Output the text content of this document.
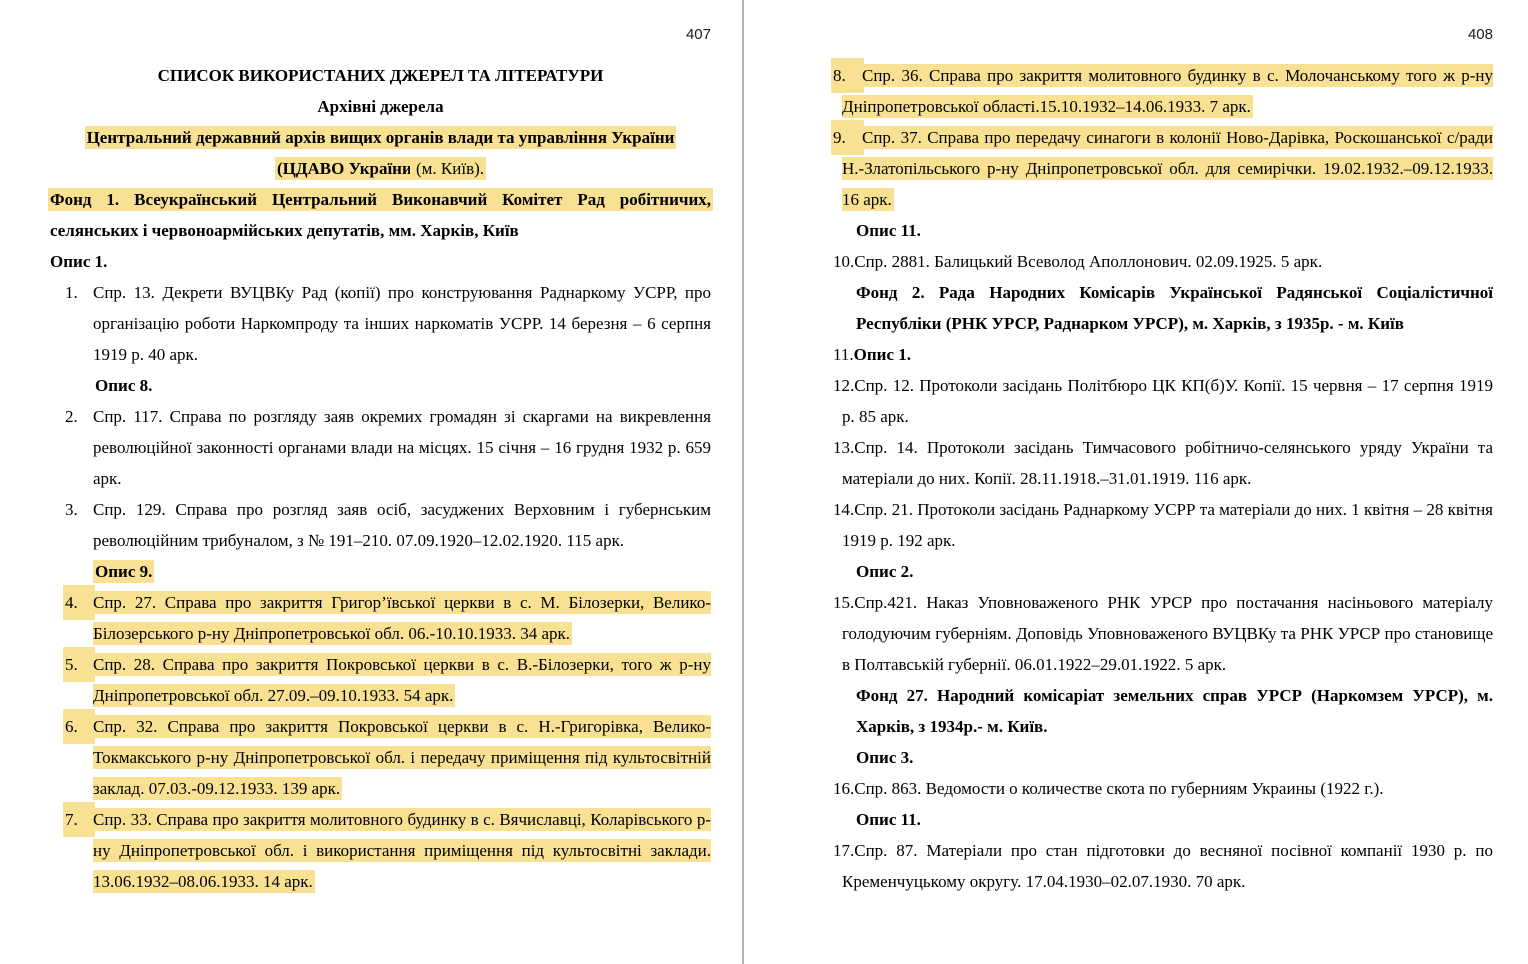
407
СПИСОК ВИКОРИСТАНИХ ДЖЕРЕЛ ТА ЛІТЕРАТУРИ
Архівні джерела
Центральний державний архів вищих органів влади та управління України
(ЦДАВО України (м. Київ).
Фонд 1. Всеукраїнський Центральний Виконавчий Комітет Рад робітничих, селянських і червоноармійських депутатів, мм. Харків, Київ
Опис 1.
1. Спр. 13. Декрети ВУЦВКу Рад (копії) про конструювання Раднаркому УСРР, про організацію роботи Наркомпроду та інших наркоматів УСРР. 14 березня – 6 серпня 1919 р. 40 арк.
Опис 8.
2. Спр. 117. Справа по розгляду заяв окремих громадян зі скаргами на викревлення революційної законності органами влади на місцях. 15 січня – 16 грудня 1932 р. 659 арк.
3. Спр. 129. Справа про розгляд заяв осіб, засуджених Верховним і губернським революційним трибуналом, з № 191–210. 07.09.1920–12.02.1920. 115 арк.
Опис 9.
4. Спр. 27. Справа про закриття Григор’ївської церкви в с. М. Білозерки, Велико-Білозерського р-ну Дніпропетровської обл. 06.-10.10.1933. 34 арк.
5. Спр. 28. Справа про закриття Покровської церкви в с. В.-Білозерки, того ж р-ну Дніпропетровської обл. 27.09.–09.10.1933. 54 арк.
6. Спр. 32. Справа про закриття Покровської церкви в с. Н.-Григорівка, Велико-Токмакського р-ну Дніпропетровської обл. і передачу приміщення під культосвітній заклад. 07.03.-09.12.1933. 139 арк.
7. Спр. 33. Справа про закриття молитовного будинку в с. Вячиславці, Коларівського р-ну Дніпропетровської обл. і використання приміщення під культосвітні заклади. 13.06.1932–08.06.1933. 14 арк.
408
8. Спр. 36. Справа про закриття молитовного будинку в с. Молочанському того ж р-ну Дніпропетровської області.15.10.1932–14.06.1933. 7 арк.
9. Спр. 37. Справа про передачу синагоги в колонії Ново-Дарівка, Роскошанської с/ради Н.-Златопільського р-ну Дніпропетровської обл. для семирічки. 19.02.1932.–09.12.1933. 16 арк.
Опис 11.
10.Спр. 2881. Балицький Всеволод Аполлонович. 02.09.1925. 5 арк.
Фонд 2. Рада Народних Комісарів Української Радянської Соціалістичної Республіки (РНК УРСР, Раднарком УРСР), м. Харків, з 1935р. - м. Київ
11.Опис 1.
12.Спр. 12. Протоколи засідань Політбюро ЦК КП(б)У. Копії. 15 червня – 17 серпня 1919 р. 85 арк.
13.Спр. 14. Протоколи засідань Тимчасового робітничо-селянського уряду України та матеріали до них. Копії. 28.11.1918.–31.01.1919. 116 арк.
14.Спр. 21. Протоколи засідань Раднаркому УСРР та матеріали до них. 1 квітня – 28 квітня 1919 р. 192 арк.
Опис 2.
15.Спр.421. Наказ Уповноваженого РНК УРСР про постачання насіньового матеріалу голодуючим губерніям. Доповідь Уповноваженого ВУЦВКу та РНК УРСР про становище в Полтавській губернії. 06.01.1922–29.01.1922. 5 арк.
Фонд 27. Народний комісаріат земельних справ УРСР (Наркомзем УРСР), м. Харків, з 1934р.- м. Київ.
Опис 3.
16.Спр. 863. Ведомости о количестве скота по губерниям Украины (1922 г.).
Опис 11.
17.Спр. 87. Матеріали про стан підготовки до весняної посівної компанії 1930 р. по Кременчуцькому округу. 17.04.1930–02.07.1930. 70 арк.
